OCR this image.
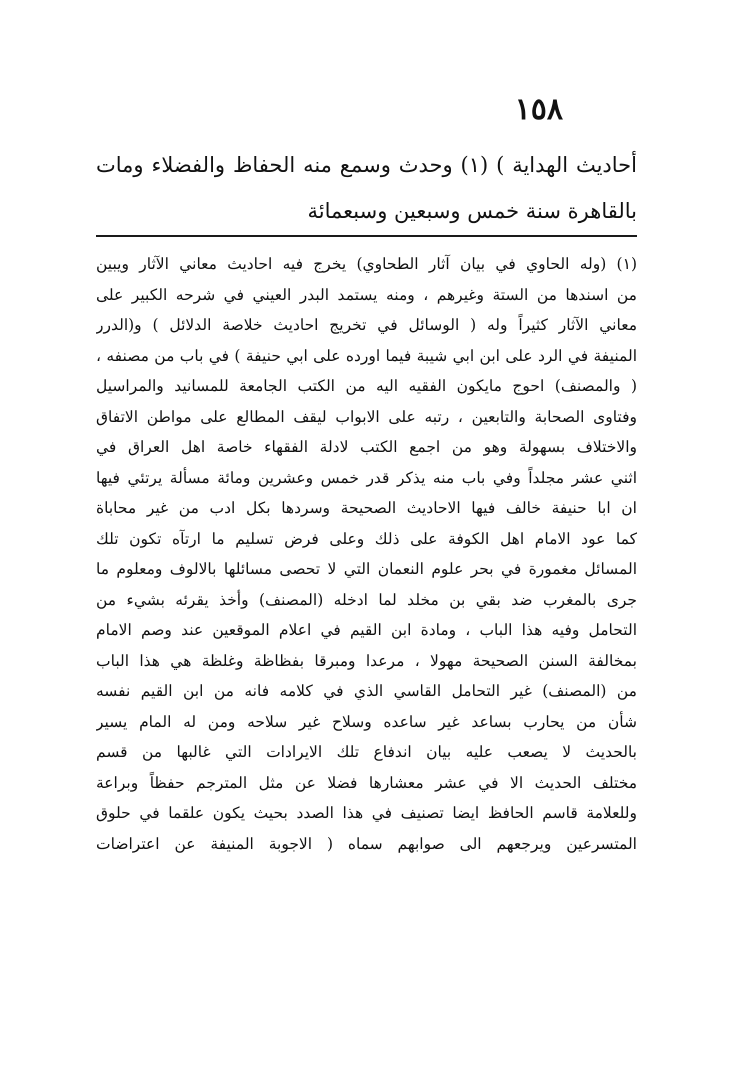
١٥٨
أحاديث الهداية ) (١) وحدث وسمع منه الحفاظ والفضلاء ومات
بالقاهرة سنة خمس وسبعين وسبعمائة
(١) (وله الحاوي في بيان آثار الطحاوي) يخرج فيه احاديث معاني الآثار ويبين
من اسندها من الستة وغيرهم ، ومنه يستمد البدر العيني في شرحه الكبير على
معاني الآثار كثيراً وله ( الوسائل في تخريج احاديث خلاصة الدلائل ) و(الدرر
المنيفة في الرد على ابن ابي شيبة فيما اورده على ابي حنيفة ) في باب من مصنفه ،
( والمصنف) احوج مايكون الفقيه اليه من الكتب الجامعة للمسانيد والمراسيل
وفتاوى الصحابة والتابعين ، رتبه على الابواب ليقف المطالع على مواطن الاتفاق
والاختلاف بسهولة وهو من اجمع الكتب لادلة الفقهاء خاصة اهل العراق في
اثني عشر مجلداً وفي باب منه يذكر قدر خمس وعشرين ومائة مسألة يرتئي فيها
ان ابا حنيفة خالف فيها الاحاديث الصحيحة وسردها بكل ادب من غير محاباة
كما عود الامام اهل الكوفة على ذلك وعلى فرض تسليم ما ارتآه تكون تلك
المسائل مغمورة في بحر علوم النعمان التي لا تحصى مسائلها بالالوف ومعلوم ما
جرى بالمغرب ضد بقي بن مخلد لما ادخله (المصنف) وأخذ يقرئه بشيء من
التحامل وفيه هذا الباب ، ومادة ابن القيم في اعلام الموقعين عند وصم الامام
بمخالفة السنن الصحيحة مهولا ، مرعدا ومبرقا بفظاظة وغلظة هي هذا الباب
من (المصنف) غير التحامل القاسي الذي في كلامه فانه من ابن القيم نفسه
شأن من يحارب بساعد غير ساعده وسلاح غير سلاحه ومن له المام يسير
بالحديث لا يصعب عليه بيان اندفاع تلك الايرادات التي غالبها من قسم
مختلف الحديث الا في عشر معشارها فضلا عن مثل المترجم حفظاً وبراعة
وللعلامة قاسم الحافظ ايضا تصنيف في هذا الصدد بحيث يكون علقما في حلوق
المتسرعين ويرجعهم الى صوابهم سماه ( الاجوبة المنيفة عن اعتراضات
